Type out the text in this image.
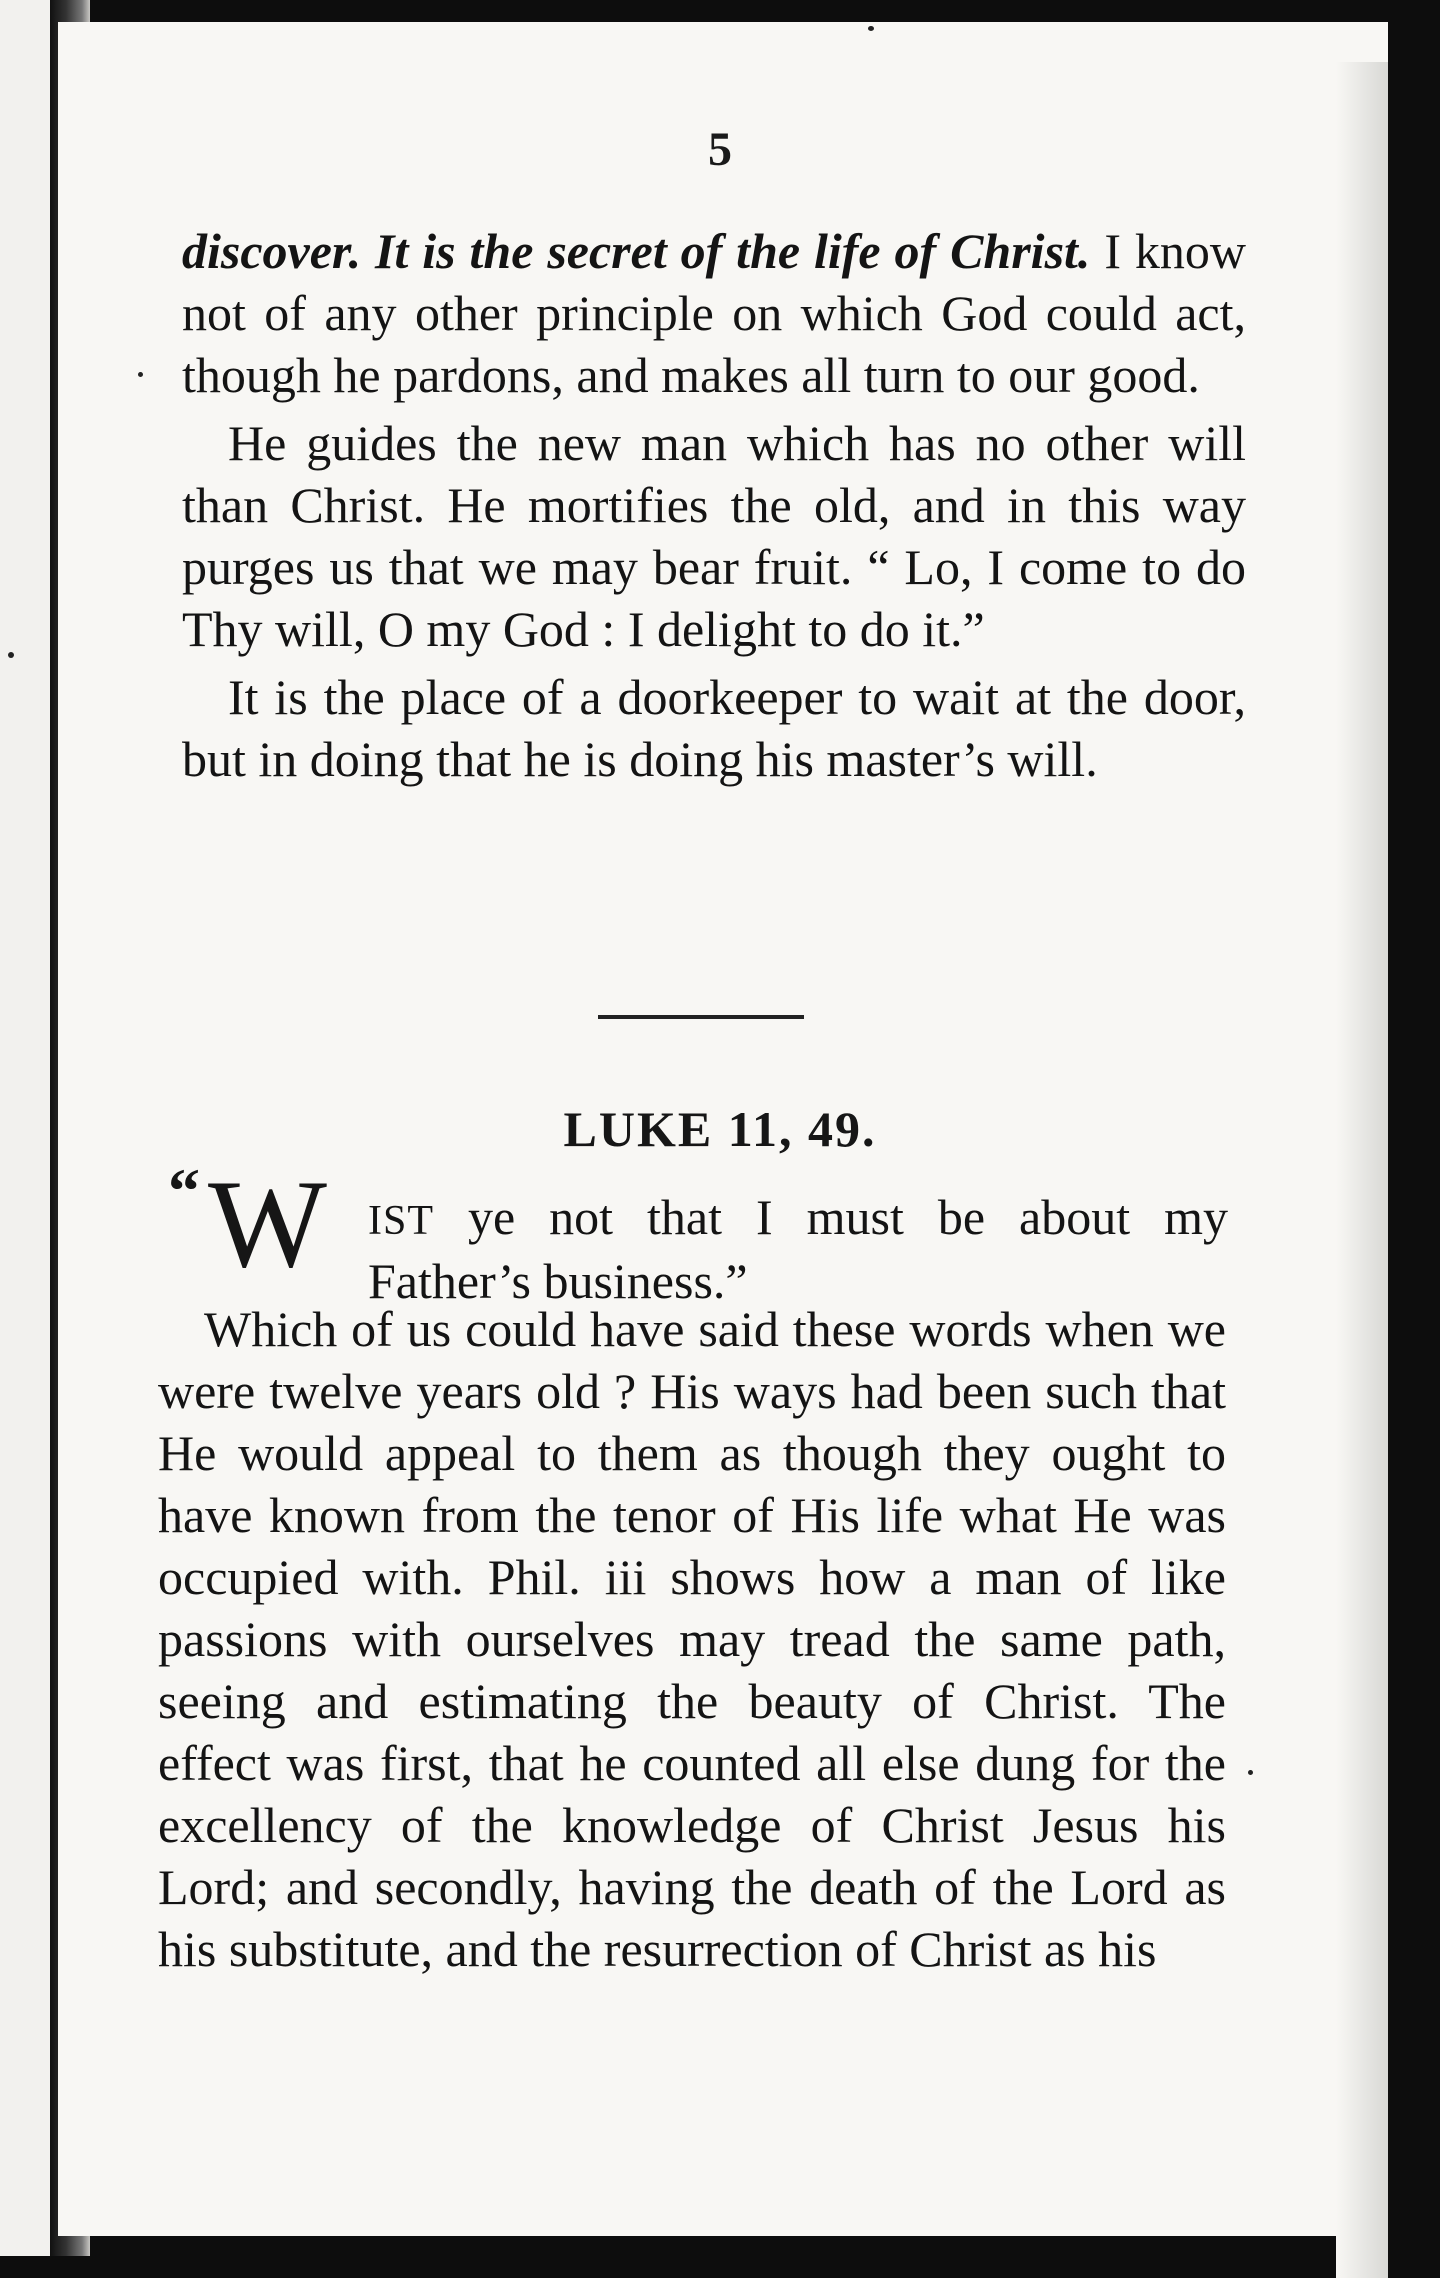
5

discover. It is the secret of the life of Christ. I know not of any other principle on which God could act, though he pardons, and makes all turn to our good.

He guides the new man which has no other will than Christ. He mortifies the old, and in this way purges us that we may bear fruit. “ Lo, I come to do Thy will, O my God : I delight to do it.”

It is the place of a doorkeeper to wait at the door, but in doing that he is doing his master’s will.

LUKE 11, 49.
“ W IST ye not that I must be about my
Father’s business.”

Which of us could have said these words when we were twelve years old ? His ways had been such that He would appeal to them as though they ought to have known from the tenor of His life what He was occupied with. Phil. iii shows how a man of like passions with ourselves may tread the same path, seeing and estimating the beauty of Christ. The effect was first, that he counted all else dung for the excellency of the knowledge of Christ Jesus his Lord; and secondly, having the death of the Lord as his substitute, and the resurrection of Christ as his
